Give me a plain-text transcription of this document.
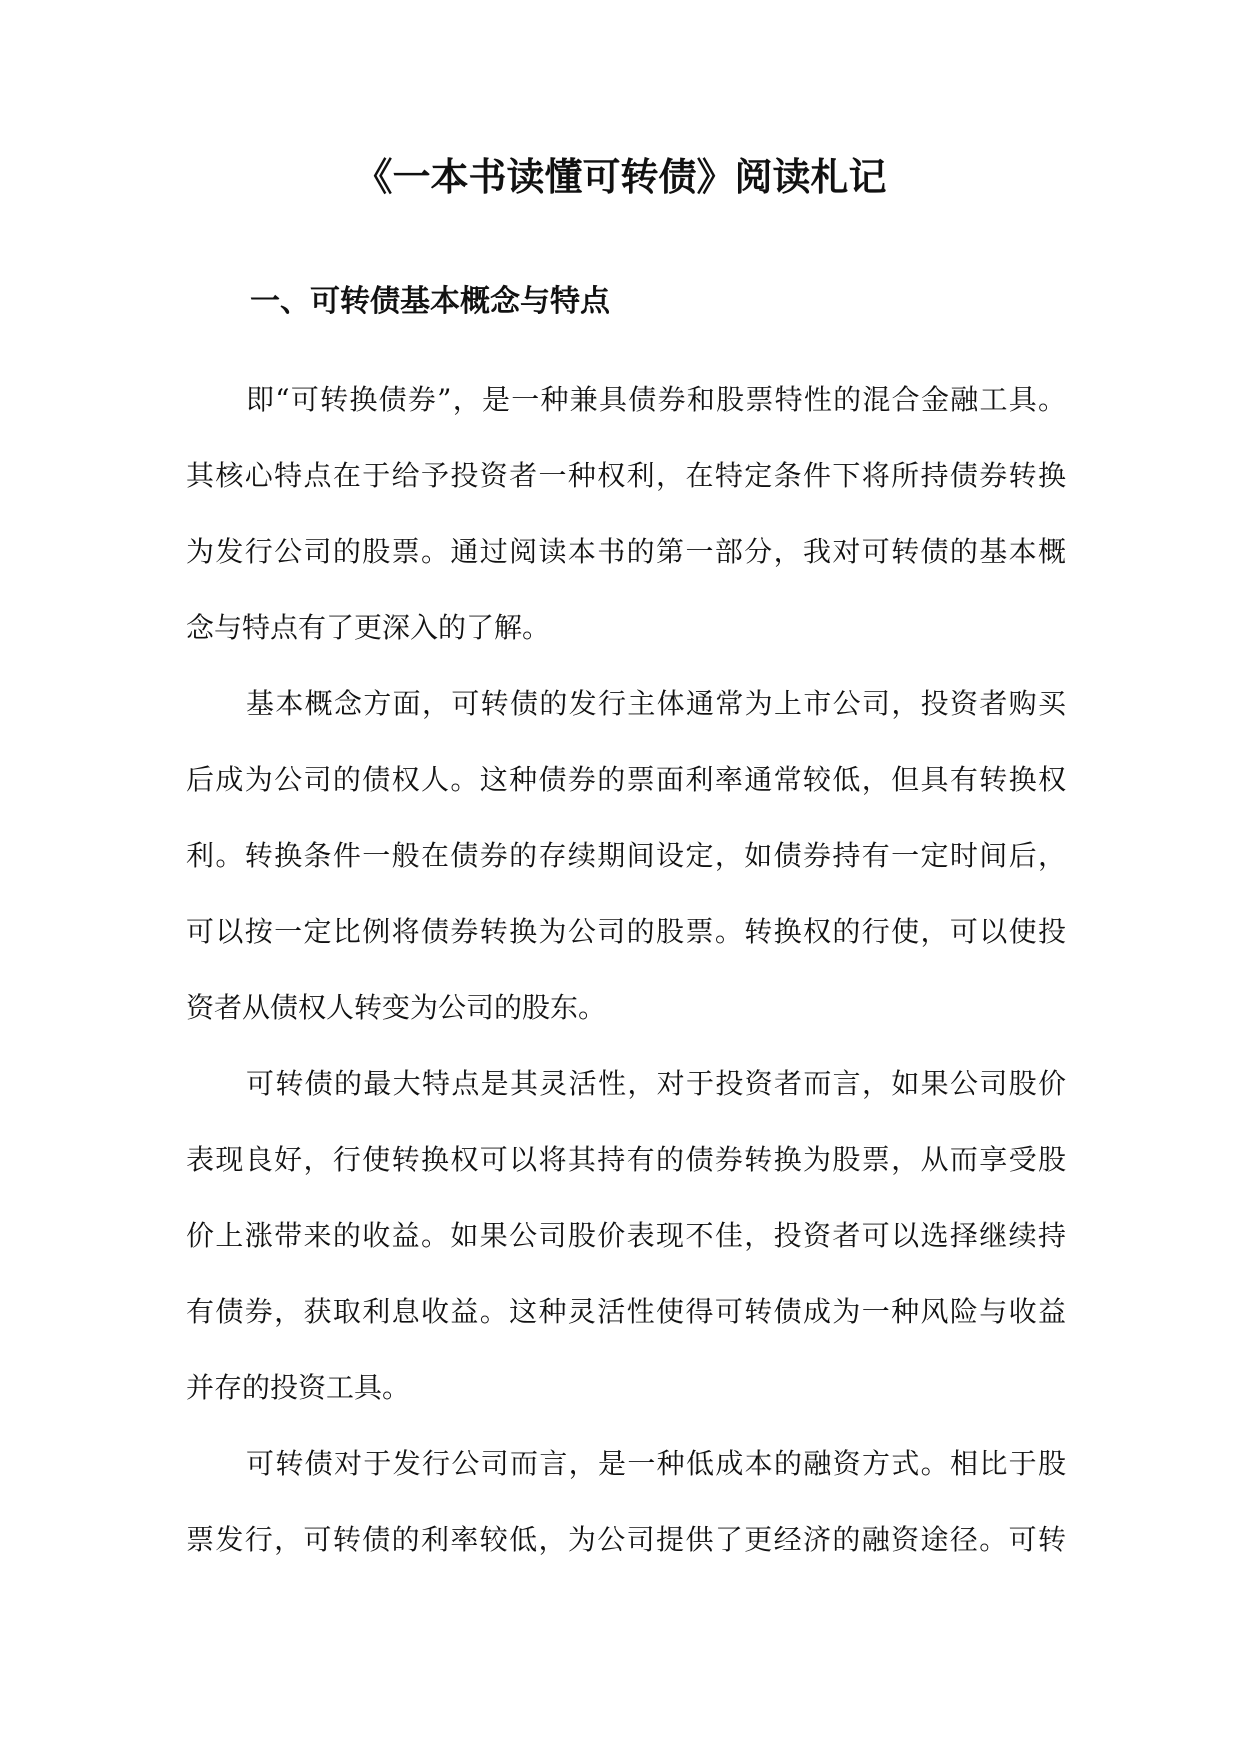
《一本书读懂可转债》阅读札记
一、可转债基本概念与特点

即“可转换债券”，是一种兼具债券和股票特性的混合金融工具。
其核心特点在于给予投资者一种权利，在特定条件下将所持债券转换
为发行公司的股票。通过阅读本书的第一部分，我对可转债的基本概
念与特点有了更深入的了解。

基本概念方面，可转债的发行主体通常为上市公司，投资者购买
后成为公司的债权人。这种债券的票面利率通常较低，但具有转换权
利。转换条件一般在债券的存续期间设定，如债券持有一定时间后，
可以按一定比例将债券转换为公司的股票。转换权的行使，可以使投
资者从债权人转变为公司的股东。

可转债的最大特点是其灵活性，对于投资者而言，如果公司股价
表现良好，行使转换权可以将其持有的债券转换为股票，从而享受股
价上涨带来的收益。如果公司股价表现不佳，投资者可以选择继续持
有债券，获取利息收益。这种灵活性使得可转债成为一种风险与收益
并存的投资工具。

可转债对于发行公司而言，是一种低成本的融资方式。相比于股
票发行，可转债的利率较低，为公司提供了更经济的融资途径。可转
